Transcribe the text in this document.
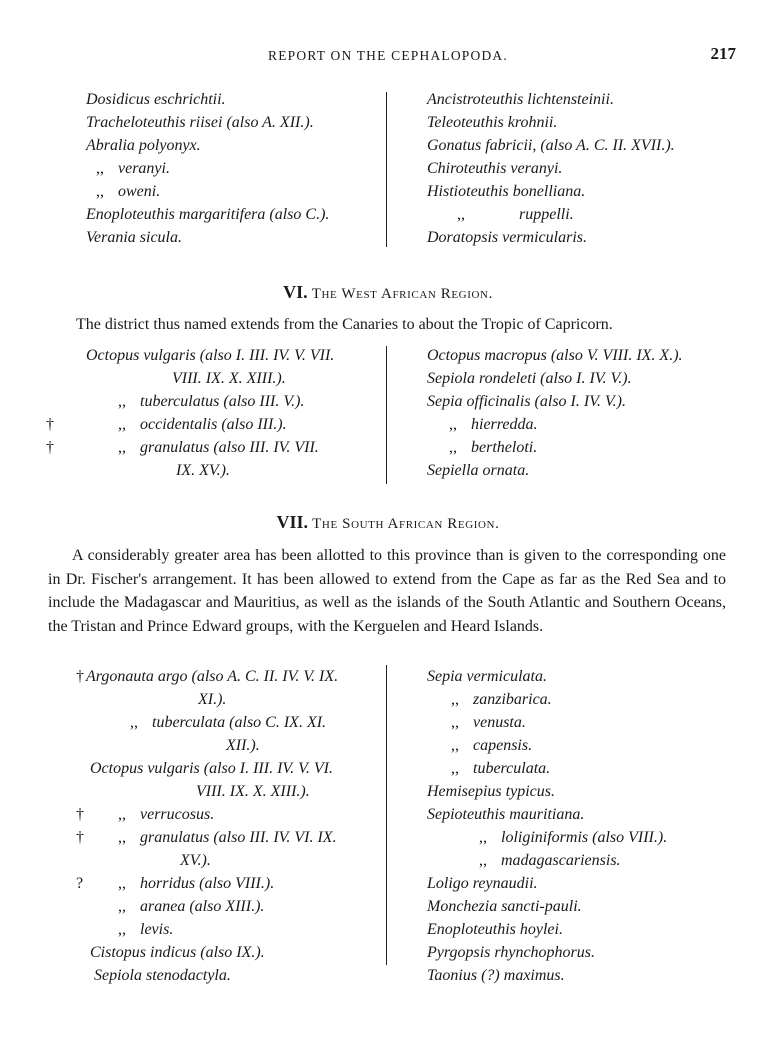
REPORT ON THE CEPHALOPODA.	217
Dosidicus eschrichtii.
Tracheloteuthis riisei (also A. XII.).
Abralia polyonyx.
,, veranyi.
,, oweni.
Enoploteuthis margaritifera (also C.).
Verania sicula.
Ancistroteuthis lichtensteinii.
Teleoteuthis krohnii.
Gonatus fabricii, (also A. C. II. XVII.).
Chiroteuthis veranyi.
Histioteuthis bonelliana.
,,	ruppelli.
Doratopsis vermicularis.
VI. The West African Region.
The district thus named extends from the Canaries to about the Tropic of Capricorn.
Octopus vulgaris (also I. III. IV. V. VII.
VIII. IX. X. XIII.).
,, tuberculatus (also III. V.).
†	,, occidentalis (also III.).
†	,, granulatus (also III. IV. VII.
IX. XV.).
Octopus macropus (also V. VIII. IX. X.).
Sepiola rondeleti (also I. IV. V.).
Sepia officinalis (also I. IV. V.).
,, hierredda.
,, bertheloti.
Sepiella ornata.
VII. The South African Region.

A considerably greater area has been allotted to this province than is given to the corresponding one in Dr. Fischer's arrangement. It has been allowed to extend from the Cape as far as the Red Sea and to include the Madagascar and Mauritius, as well as the islands of the South Atlantic and Southern Oceans, the Tristan and Prince Edward groups, with the Kerguelen and Heard Islands.

† Argonauta argo (also A. C. II. IV. V. IX.
XI.).
,, tuberculata (also C. IX. XI.
XII.).
Octopus vulgaris (also I. III. IV. V. VI.
VIII. IX. X. XIII.).
† ,, verrucosus.
† ,, granulatus (also III. IV. VI. IX.
XV.).
? ,, horridus (also VIII.).
,, aranea (also XIII.).
,, levis.
Cistopus indicus (also IX.).
Sepiola stenodactyla.
Sepia vermiculata.
,, zanzibarica.
,, venusta.
,, capensis.
,, tuberculata.
Hemisepius typicus.
Sepioteuthis mauritiana.
,, loliginiformis (also VIII.).
,, madagascariensis.
Loligo reynaudii.
Monchezia sancti-pauli.
Enoploteuthis hoylei.
Pyrgopsis rhynchophorus.
Taonius (?) maximus.
